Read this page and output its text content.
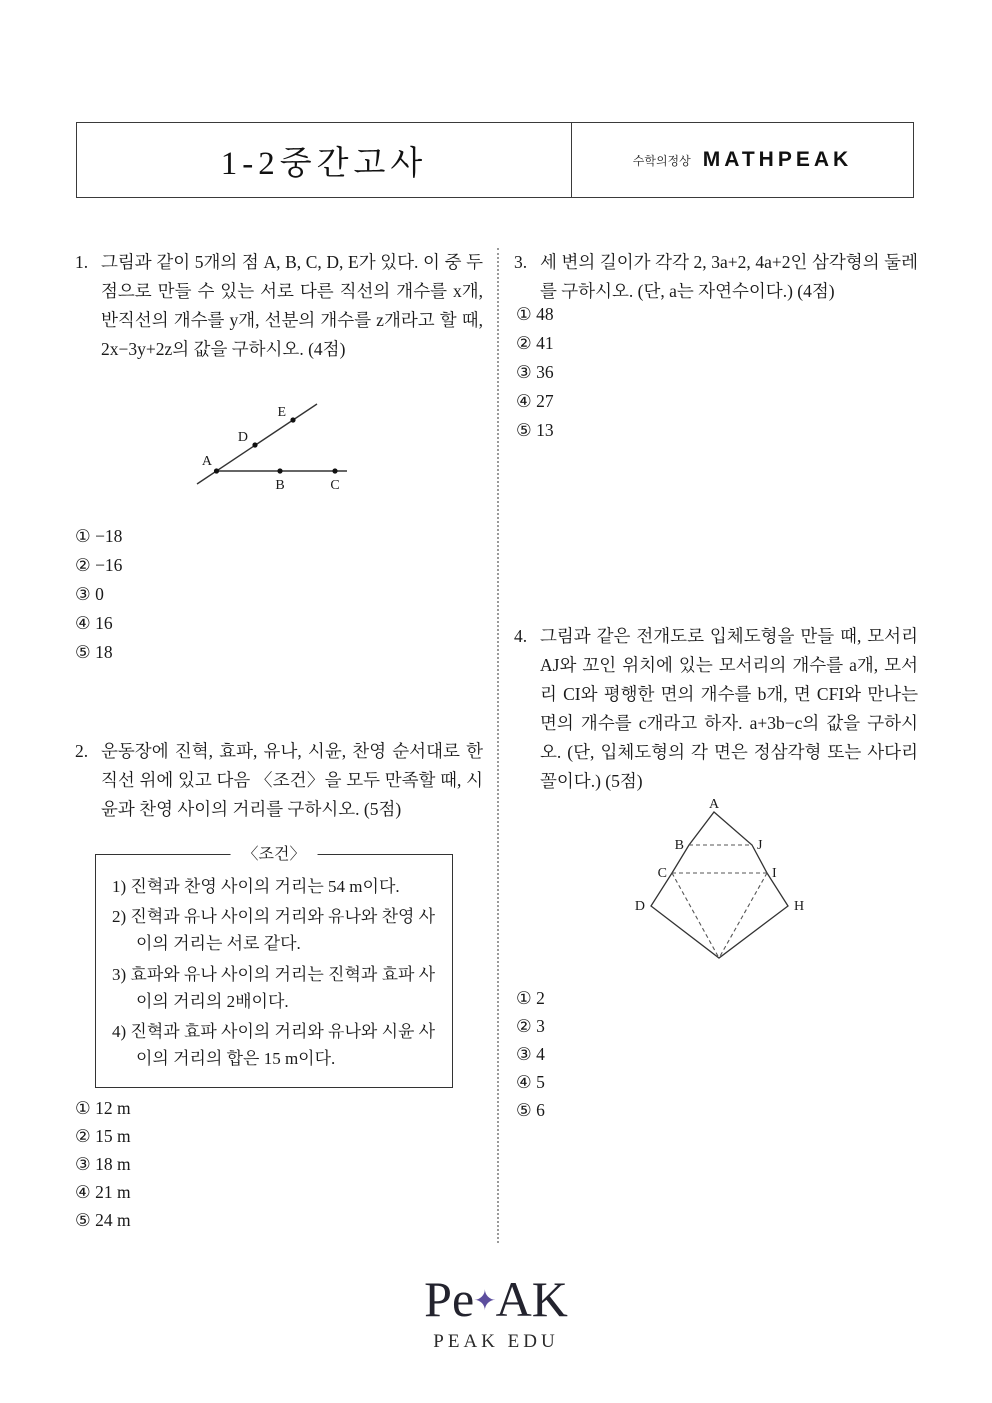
1-2중간고사	수학의정상 MATHPEAK
1. 그림과 같이 5개의 점 A, B, C, D, E가 있다. 이 중 두 점으로 만들 수 있는 서로 다른 직선의 개수를 x개, 반직선의 개수를 y개, 선분의 개수를 z개라고 할 때, 2x−3y+2z의 값을 구하시오. (4점)
A
B	C
D
E
① −18
② −16
③ 0
④ 16
⑤ 18
2. 운동장에 진혁, 효파, 유나, 시윤, 찬영 순서대로 한 직선 위에 있고 다음 〈조건〉을 모두 만족할 때, 시윤과 찬영 사이의 거리를 구하시오. (5점)
〈조건〉
1) 진혁과 찬영 사이의 거리는 54 m이다.
2) 진혁과 유나 사이의 거리와 유나와 찬영 사이의 거리는 서로 같다.
3) 효파와 유나 사이의 거리는 진혁과 효파 사이의 거리의 2배이다.
4) 진혁과 효파 사이의 거리와 유나와 시윤 사이의 거리의 합은 15 m이다.
① 12 m
② 15 m
③ 18 m
④ 21 m
⑤ 24 m
3. 세 변의 길이가 각각 2, 3a+2, 4a+2인 삼각형의 둘레를 구하시오. (단, a는 자연수이다.) (4점)
① 48
② 41
③ 36
④ 27
⑤ 13
4. 그림과 같은 전개도로 입체도형을 만들 때, 모서리 AJ와 꼬인 위치에 있는 모서리의 개수를 a개, 모서리 CI와 평행한 면의 개수를 b개, 면 CFI와 만나는 면의 개수를 c개라고 하자. a+3b−c의 값을 구하시오. (단, 입체도형의 각 면은 정삼각형 또는 사다리꼴이다.) (5점)
A
B	J
C	I
D	H
① 2
② 3
③ 4
④ 5
⑤ 6
Pe✦AK
PEAK EDU
